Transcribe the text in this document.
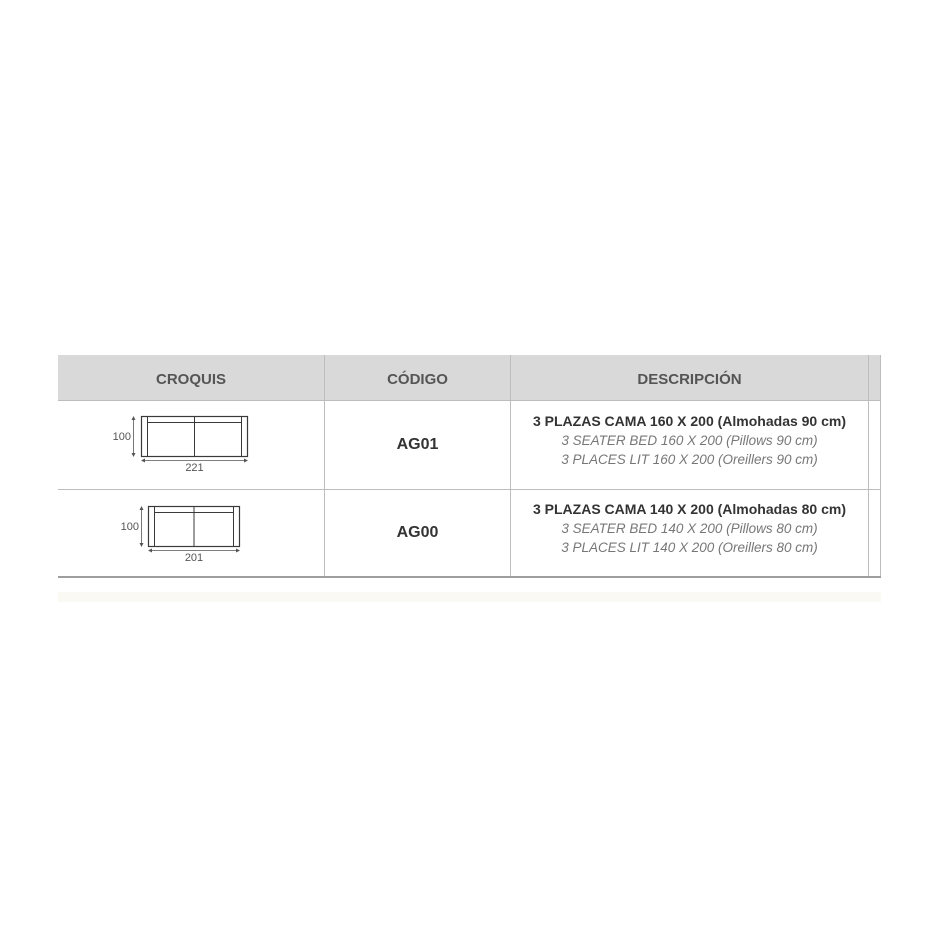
CROQUIS	CÓDIGO	DESCRIPCIÓN
100
221
AG01
3 PLAZAS CAMA 160 X 200 (Almohadas 90 cm)
3 SEATER BED 160 X 200 (Pillows 90 cm)
3 PLACES LIT 160 X 200 (Oreillers 90 cm)
100
201
AG00
3 PLAZAS CAMA 140 X 200 (Almohadas 80 cm)
3 SEATER BED 140 X 200 (Pillows 80 cm)
3 PLACES LIT 140 X 200 (Oreillers 80 cm)
